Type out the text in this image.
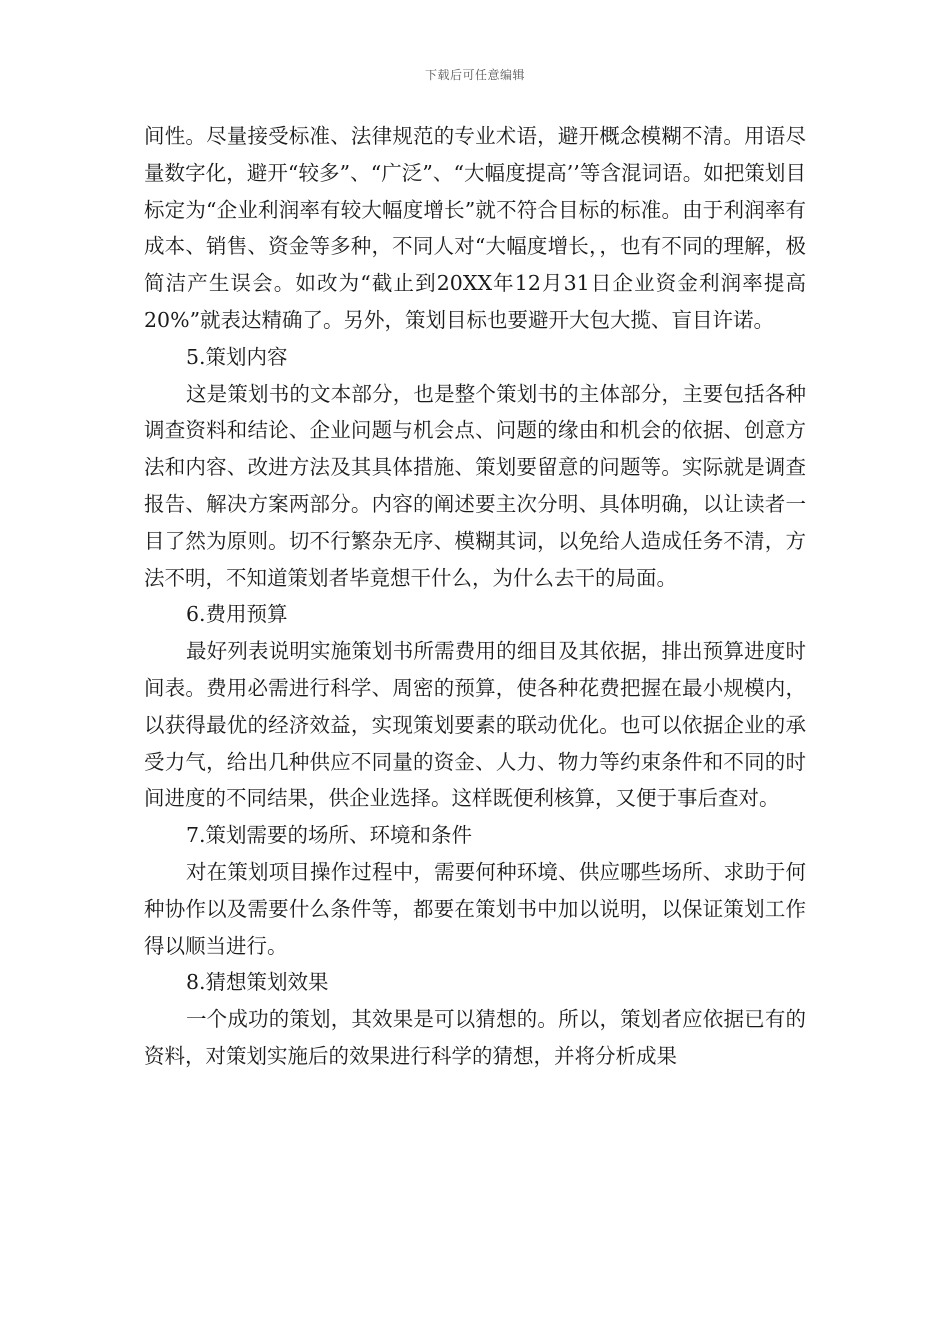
下载后可任意编辑

间性。尽量接受标准、法律规范的专业术语，避开概念模糊不清。用语尽量数字化，避开“较多”、“广泛”、“大幅度提高’’等含混词语。如把策划目标定为“企业利润率有较大幅度增长”就不符合目标的标准。由于利润率有成本、销售、资金等多种，不同人对“大幅度增长，，也有不同的理解，极简洁产生误会。如改为“截止到20XX年12月31日企业资金利润率提高20%”就表达精确了。另外，策划目标也要避开大包大揽、盲目许诺。

5.策划内容

这是策划书的文本部分，也是整个策划书的主体部分，主要包括各种调查资料和结论、企业问题与机会点、问题的缘由和机会的依据、创意方法和内容、改进方法及其具体措施、策划要留意的问题等。实际就是调查报告、解决方案两部分。内容的阐述要主次分明、具体明确，以让读者一目了然为原则。切不行繁杂无序、模糊其词，以免给人造成任务不清，方法不明，不知道策划者毕竟想干什么，为什么去干的局面。

6.费用预算

最好列表说明实施策划书所需费用的细目及其依据，排出预算进度时间表。费用必需进行科学、周密的预算，使各种花费把握在最小规模内，以获得最优的经济效益，实现策划要素的联动优化。也可以依据企业的承受力气，给出几种供应不同量的资金、人力、物力等约束条件和不同的时间进度的不同结果，供企业选择。这样既便利核算，又便于事后查对。

7.策划需要的场所、环境和条件

对在策划项目操作过程中，需要何种环境、供应哪些场所、求助于何种协作以及需要什么条件等，都要在策划书中加以说明，以保证策划工作得以顺当进行。

8.猜想策划效果

一个成功的策划，其效果是可以猜想的。所以，策划者应依据已有的资料，对策划实施后的效果进行科学的猜想，并将分析成果
